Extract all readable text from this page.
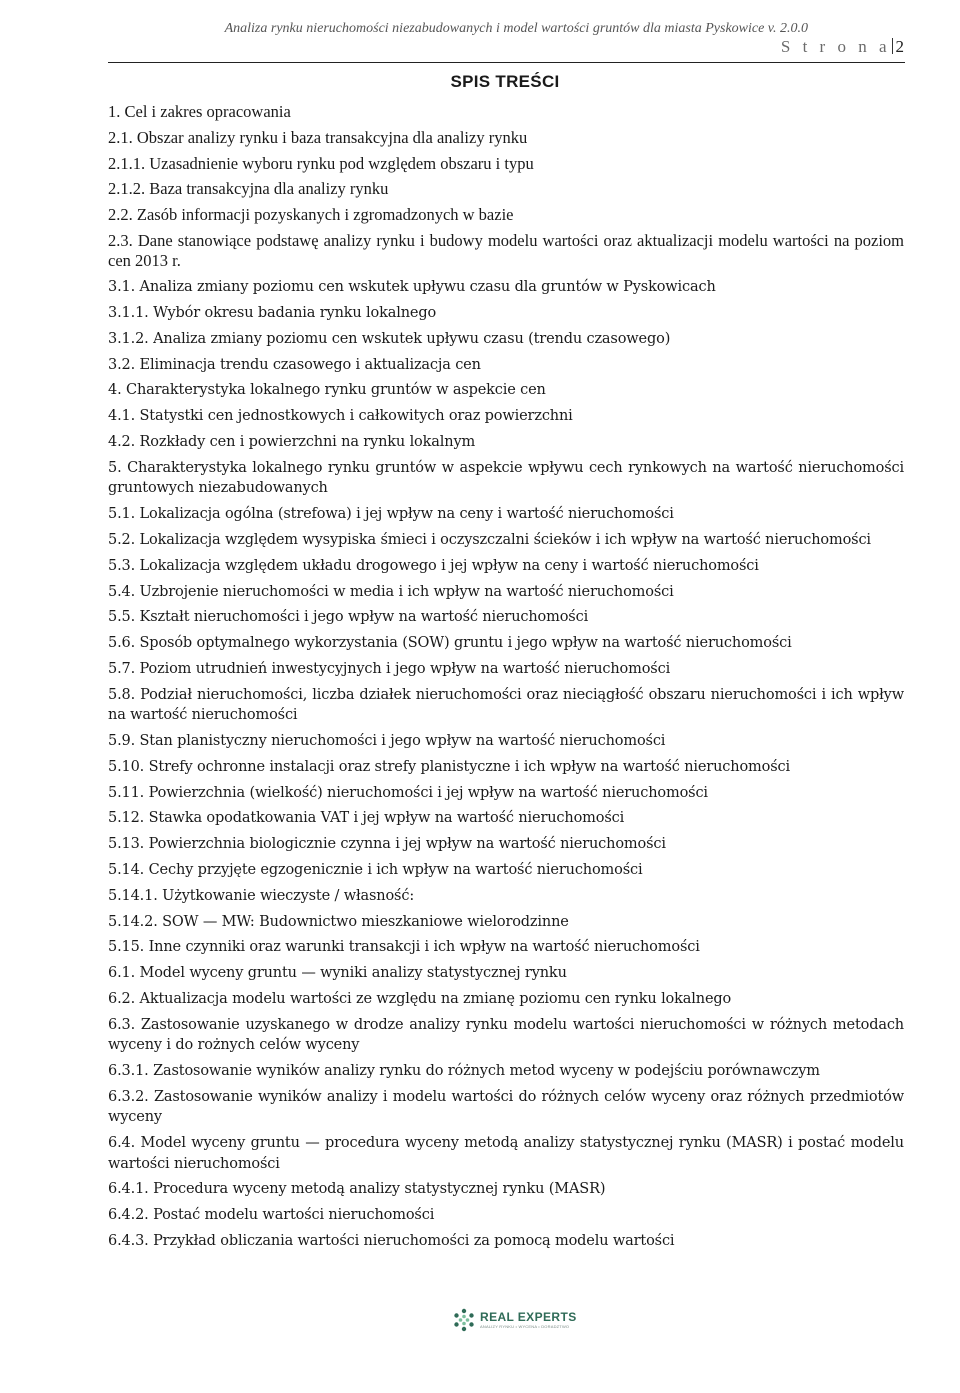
Analiza rynku nieruchomości niezabudowanych i model wartości gruntów dla miasta Pyskowice v. 2.0.0
S t r o n a 2
SPIS TREŚCI
1. Cel i zakres opracowania
2.1. Obszar analizy rynku i baza transakcyjna dla analizy rynku
2.1.1. Uzasadnienie wyboru rynku pod względem obszaru i typu
2.1.2. Baza transakcyjna dla analizy rynku
2.2. Zasób informacji pozyskanych i zgromadzonych w bazie
2.3. Dane stanowiące podstawę analizy rynku i budowy modelu wartości oraz aktualizacji modelu wartości na poziom cen 2013 r.
3.1. Analiza zmiany poziomu cen wskutek upływu czasu dla gruntów w Pyskowicach
3.1.1. Wybór okresu badania rynku lokalnego
3.1.2. Analiza zmiany poziomu cen wskutek upływu czasu (trendu czasowego)
3.2. Eliminacja trendu czasowego i aktualizacja cen
4. Charakterystyka lokalnego rynku gruntów w aspekcie cen
4.1. Statystki cen jednostkowych i całkowitych oraz powierzchni
4.2. Rozkłady cen i powierzchni na rynku lokalnym
5. Charakterystyka lokalnego rynku gruntów w aspekcie wpływu cech rynkowych na wartość nieruchomości gruntowych niezabudowanych
5.1. Lokalizacja ogólna (strefowa) i jej wpływ na ceny i wartość nieruchomości
5.2. Lokalizacja względem wysypiska śmieci i oczyszczalni ścieków i ich wpływ na wartość nieruchomości
5.3. Lokalizacja względem układu drogowego i jej wpływ na ceny i wartość nieruchomości
5.4. Uzbrojenie nieruchomości w media i ich wpływ na wartość nieruchomości
5.5. Kształt nieruchomości i jego wpływ na wartość nieruchomości
5.6. Sposób optymalnego wykorzystania (SOW) gruntu i jego wpływ na wartość nieruchomości
5.7. Poziom utrudnień inwestycyjnych i jego wpływ na wartość nieruchomości
5.8. Podział nieruchomości, liczba działek nieruchomości oraz nieciągłość obszaru nieruchomości i ich wpływ na wartość nieruchomości
5.9. Stan planistyczny nieruchomości i jego wpływ na wartość nieruchomości
5.10. Strefy ochronne instalacji oraz strefy planistyczne i ich wpływ na wartość nieruchomości
5.11. Powierzchnia (wielkość) nieruchomości i jej wpływ na wartość nieruchomości
5.12. Stawka opodatkowania VAT i jej wpływ na wartość nieruchomości
5.13. Powierzchnia biologicznie czynna i jej wpływ na wartość nieruchomości
5.14. Cechy przyjęte egzogenicznie i ich wpływ na wartość nieruchomości
5.14.1. Użytkowanie wieczyste / własność:
5.14.2. SOW — MW: Budownictwo mieszkaniowe wielorodzinne
5.15. Inne czynniki oraz warunki transakcji i ich wpływ na wartość nieruchomości
6.1. Model wyceny gruntu — wyniki analizy statystycznej rynku
6.2. Aktualizacja modelu wartości ze względu na zmianę poziomu cen rynku lokalnego
6.3. Zastosowanie uzyskanego w drodze analizy rynku modelu wartości nieruchomości w różnych metodach wyceny i do rożnych celów wyceny
6.3.1. Zastosowanie wyników analizy rynku do różnych metod wyceny w podejściu porównawczym
6.3.2. Zastosowanie wyników analizy i modelu wartości do różnych celów wyceny oraz różnych przedmiotów wyceny
6.4. Model wyceny gruntu — procedura wyceny metodą analizy statystycznej rynku (MASR) i postać modelu wartości nieruchomości
6.4.1. Procedura wyceny metodą analizy statystycznej rynku (MASR)
6.4.2. Postać modelu wartości nieruchomości
6.4.3. Przykład obliczania wartości nieruchomości za pomocą modelu wartości
REAL EXPERTS
ANALIZY RYNKU • WYCENA • DORADZTWO
